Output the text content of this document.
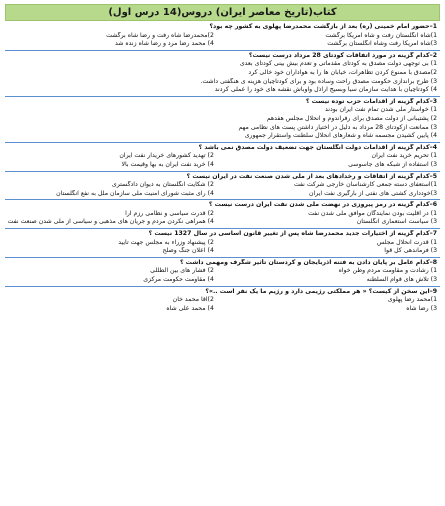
کتاب(تاریخ معاصر ایران) دروس(14 درس اول)
1–حضور امام خمینی (ره) بعد از بازگشت محمدرضا پهلوی به کشور چه بود؟
1)شاه انگلستان رفت و شاه آمریکا برگشت
2)محمدرضا شاه رفت و رضا شاه برگشت
3)شاه آمریکا رفت وشاه انگلستان برگشت
4) محمد رضا مرد و رضا شاه زنده شد
2–کدام گزینه در مورد اتفاقات کودتای 28 مرداد درست نیست؟
1) بی توجهی دولت مصدق به کودتای مقدماتی و تعدم بیش بینی کودتای بعدی
2)مصدق با ممنوع کردن تظاهرات، خیابان ها را به هواداران خود خالی کرد
3) طرح براندازی حکومت مصدق راحت وساده بود و برای کودتاچیان هزینه ی هنگفتی داشت.
4) کودتاچیان با هدایت سازمان سیا وبسیج اراذل واوباش نقشه های خود را عملی کردند
3–کدام گزینه از اقدامات حزب توده نیست ؟
1) خواستار ملی شدن تمام نفت ایران بودند
2) پشتیبانی از دولت مصدق برای رفراندوم و انحلال مجلس هفدهم
3) ممانعت ازکودتای 28 مرداد به دلیل در اختیار داشتن پست های نظامی مهم
4) پایین کشیدن مجسمه شاه و شعارهای انحلال سلطنت واستقرار جمهوری
4–کدام گزینه از اقدامات دولت انگلستان جهت تضعیف دولت مصدق نمی باشد ؟
1) تحریم خرید نفت ایران
2) تهدید کشورهای خریدار نفت ایران
3) استفاده از شبکه های جاسوسی
4) خرید نفت ایران به بها وقیمت بالا
5–کدام گزینه از اتفاقات و رخدادهای بعد از ملی شدن صنعت نفت در ایران نیست ؟
1)استعفای دسته جمعی کارشناسان خارجی شرکت نفت
2) شکایت انگلستان به دیوان دادگستری
3)خودداری کشتی های نفتی از بارگیری نفت ایران
4) رای مثبت شورای امنیت ملی سازمان ملل به نفع انگلستان
6–کدام گزینه در رمز پیروزی در نهضت ملی شدن نفت ایران درست نیست ؟
1) در اقلیت بودن نمایندگان موافق ملی شدن نفت
2) قدرت سیاسی و نظامی رزم آرا
3) سیاست استعماری انگلستان
4) همراهی نکردن مردم و جریان های مذهبی و سیاسی از ملی شدن صنعت نفت
7–کدام گزینه از اختیارات جدید محمدرضا شاه پس از تغییر قانون اساسی در سال 1327 نیست ؟
1) قدرت انحلال مجلس
2) پیشنهاد وزراء به مجلس جهت تأیید
3) فرماندهی کل قوا
4) اعلان جنگ وصلح
8–کدام عامل بر پایان دادن به فتنه آذربایجان و کردستان تأثیر شگرف ومهمی داشت ؟
1) رشادت و مقاومت مردم وطن خواه
2) فشار های بین الطللی
3) تلاش های قوام السلطنه
4) مقاومت حکومت مرکزی
9–این سخن از کیست؟ « هر مملکتی رژیمی دارد و رژیم ما یک نفر است ..»؟
1)محمد رضا پهلوی
2)آقا محمد خان
3) رضا شاه
4) محمد علی شاه
